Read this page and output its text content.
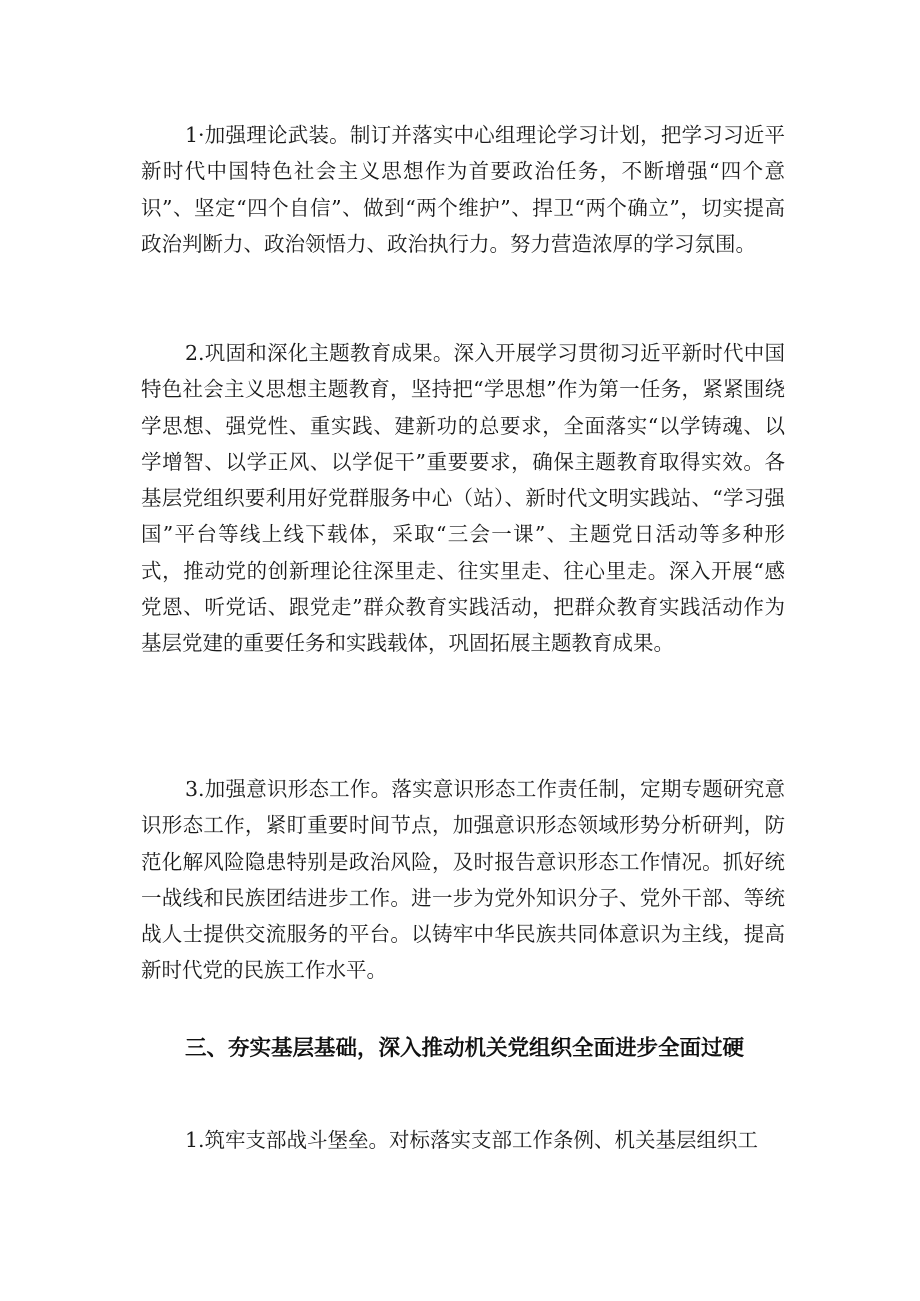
1·加强理论武装。制订并落实中心组理论学习计划，把学习习近平新时代中国特色社会主义思想作为首要政治任务，不断增强“四个意识”、坚定“四个自信”、做到“两个维护”、捍卫“两个确立”，切实提高政治判断力、政治领悟力、政治执行力。努力营造浓厚的学习氛围。

2.巩固和深化主题教育成果。深入开展学习贯彻习近平新时代中国特色社会主义思想主题教育，坚持把“学思想”作为第一任务，紧紧围绕学思想、强党性、重实践、建新功的总要求，全面落实“以学铸魂、以学增智、以学正风、以学促干”重要要求，确保主题教育取得实效。各基层党组织要利用好党群服务中心（站）、新时代文明实践站、“学习强国”平台等线上线下载体，采取“三会一课”、主题党日活动等多种形式，推动党的创新理论往深里走、往实里走、往心里走。深入开展“感党恩、听党话、跟党走”群众教育实践活动，把群众教育实践活动作为基层党建的重要任务和实践载体，巩固拓展主题教育成果。

3.加强意识形态工作。落实意识形态工作责任制，定期专题研究意识形态工作，紧盯重要时间节点，加强意识形态领域形势分析研判，防范化解风险隐患特别是政治风险，及时报告意识形态工作情况。抓好统一战线和民族团结进步工作。进一步为党外知识分子、党外干部、等统战人士提供交流服务的平台。以铸牢中华民族共同体意识为主线，提高新时代党的民族工作水平。

三、夯实基层基础，深入推动机关党组织全面进步全面过硬

1.筑牢支部战斗堡垒。对标落实支部工作条例、机关基层组织工
